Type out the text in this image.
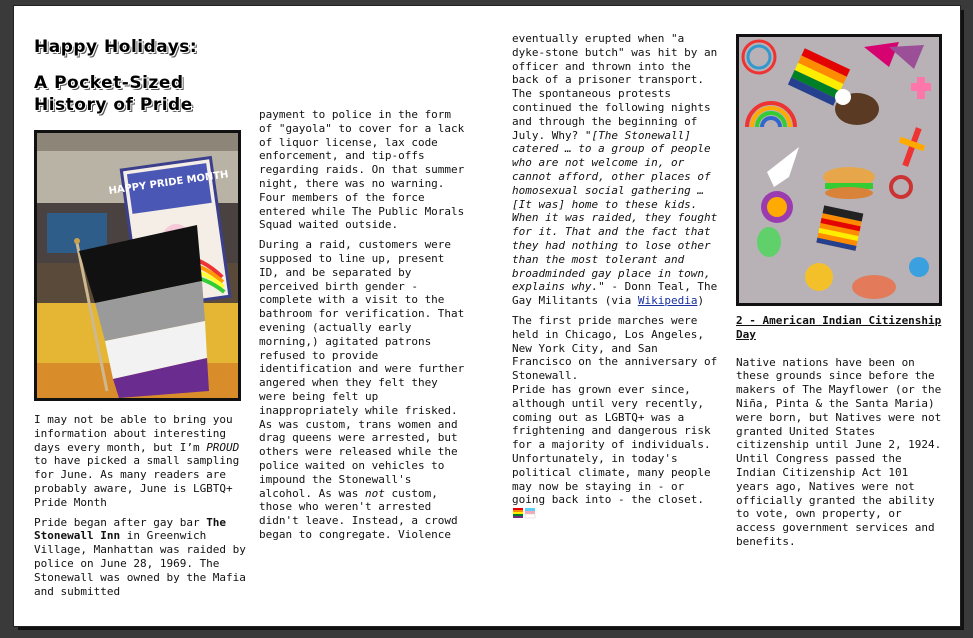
Happy Holidays:
A Pocket-Sized History of Pride
HAPPY PRIDE MONTH

I may not be able to bring you information about interesting days every month, but I’m PROUD to have picked a small sampling for June. As many readers are probably aware, June is LGBTQ+ Pride Month

Pride began after gay bar The Stonewall Inn in Greenwich Village, Manhattan was raided by police on June 28, 1969. The Stonewall was owned by the Mafia and submitted

payment to police in the form of "gayola" to cover for a lack of liquor license, lax code enforcement, and tip-offs regarding raids. On that summer night, there was no warning. Four members of the force entered while The Public Morals Squad waited outside.

During a raid, customers were supposed to line up, present ID, and be separated by perceived birth gender - complete with a visit to the bathroom for verification. That evening (actually early morning,) agitated patrons refused to provide identification and were further angered when they felt they were being felt up inappropriately while frisked.

As was custom, trans women and drag queens were arrested, but others were released while the police waited on vehicles to impound the Stonewall's alcohol. As was not custom, those who weren't arrested didn't leave. Instead, a crowd began to congregate. Violence

eventually erupted when "a dyke-stone butch" was hit by an officer and thrown into the back of a prisoner transport. The spontaneous protests continued the following nights and through the beginning of July. Why? "[The Stonewall] catered … to a group of people who are not welcome in, or cannot afford, other places of homosexual social gathering … [It was] home to these kids. When it was raided, they fought for it. That and the fact that they had nothing to lose other than the most tolerant and broadminded gay place in town, explains why." - Donn Teal, The Gay Militants (via Wikipedia)

The first pride marches were held in Chicago, Los Angeles, New York City, and San Francisco on the anniversary of Stonewall.

Pride has grown ever since, although until very recently, coming out as LGBTQ+ was a frightening and dangerous risk for a majority of individuals. Unfortunately, in today's political climate, many people may now be staying in - or going back into - the closet.

2 - American Indian Citizenship Day

Native nations have been on these grounds since before the makers of The Mayflower (or the Niña, Pinta & the Santa Maria) were born, but Natives were not granted United States citizenship until June 2, 1924. Until Congress passed the Indian Citizenship Act 101 years ago, Natives were not officially granted the ability to vote, own property, or access government services and benefits.
